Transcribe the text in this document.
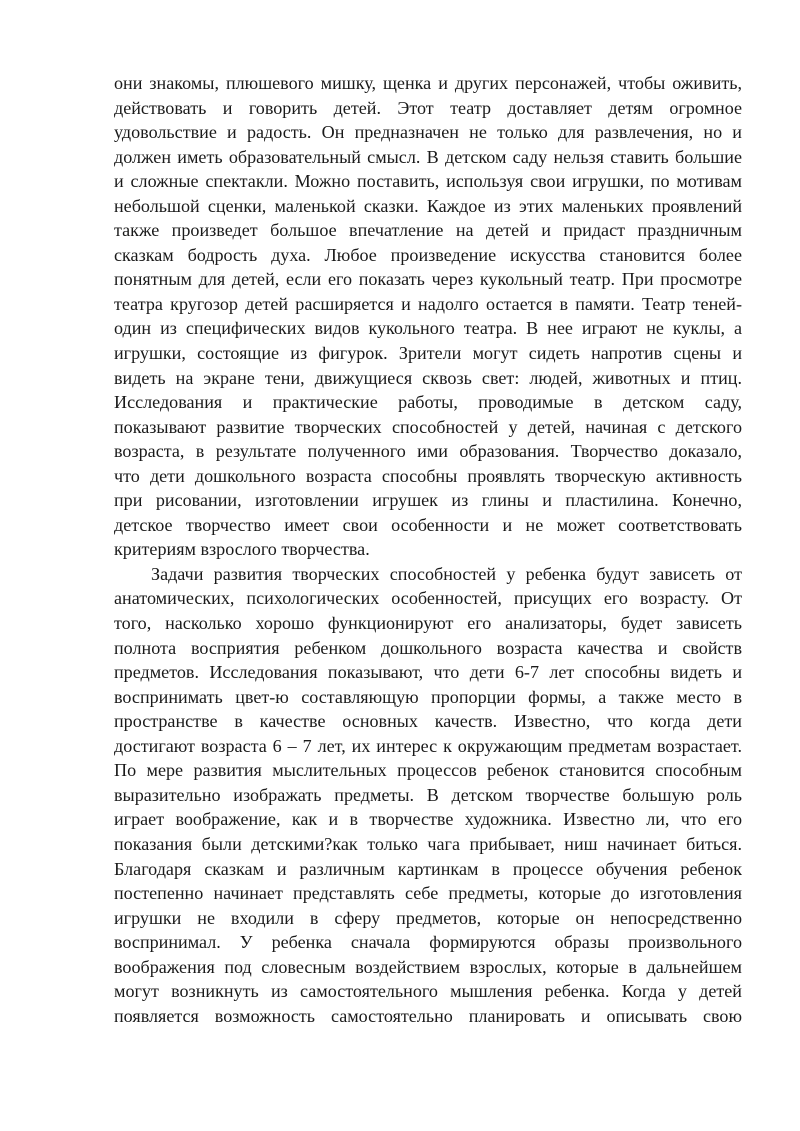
они знакомы, плюшевого мишку, щенка и других персонажей, чтобы оживить,
действовать и говорить детей. Этот театр доставляет детям огромное
удовольствие и радость. Он предназначен не только для развлечения, но и
должен иметь образовательный смысл. В детском саду нельзя ставить большие
и сложные спектакли. Можно поставить, используя свои игрушки, по мотивам
небольшой сценки, маленькой сказки. Каждое из этих маленьких проявлений
также произведет большое впечатление на детей и придаст праздничным
сказкам бодрость духа. Любое произведение искусства становится более
понятным для детей, если его показать через кукольный театр. При просмотре
театра кругозор детей расширяется и надолго остается в памяти. Театр теней-
один из специфических видов кукольного театра. В нее играют не куклы, а
игрушки, состоящие из фигурок. Зрители могут сидеть напротив сцены и
видеть на экране тени, движущиеся сквозь свет: людей, животных и птиц.
Исследования и практические работы, проводимые в детском саду,
показывают развитие творческих способностей у детей, начиная с детского
возраста, в результате полученного ими образования. Творчество доказало,
что дети дошкольного возраста способны проявлять творческую активность
при рисовании, изготовлении игрушек из глины и пластилина. Конечно,
детское творчество имеет свои особенности и не может соответствовать
критериям взрослого творчества.
Задачи развития творческих способностей у ребенка будут зависеть от
анатомических, психологических особенностей, присущих его возрасту. От
того, насколько хорошо функционируют его анализаторы, будет зависеть
полнота восприятия ребенком дошкольного возраста качества и свойств
предметов. Исследования показывают, что дети 6-7 лет способны видеть и
воспринимать цвет-ю составляющую пропорции формы, а также место в
пространстве в качестве основных качеств. Известно, что когда дети
достигают возраста 6 – 7 лет, их интерес к окружающим предметам возрастает.
По мере развития мыслительных процессов ребенок становится способным
выразительно изображать предметы. В детском творчестве большую роль
играет воображение, как и в творчестве художника. Известно ли, что его
показания были детскими?как только чага прибывает, ниш начинает биться.
Благодаря сказкам и различным картинкам в процессе обучения ребенок
постепенно начинает представлять себе предметы, которые до изготовления
игрушки не входили в сферу предметов, которые он непосредственно
воспринимал. У ребенка сначала формируются образы произвольного
воображения под словесным воздействием взрослых, которые в дальнейшем
могут возникнуть из самостоятельного мышления ребенка. Когда у детей
появляется возможность самостоятельно планировать и описывать свою
